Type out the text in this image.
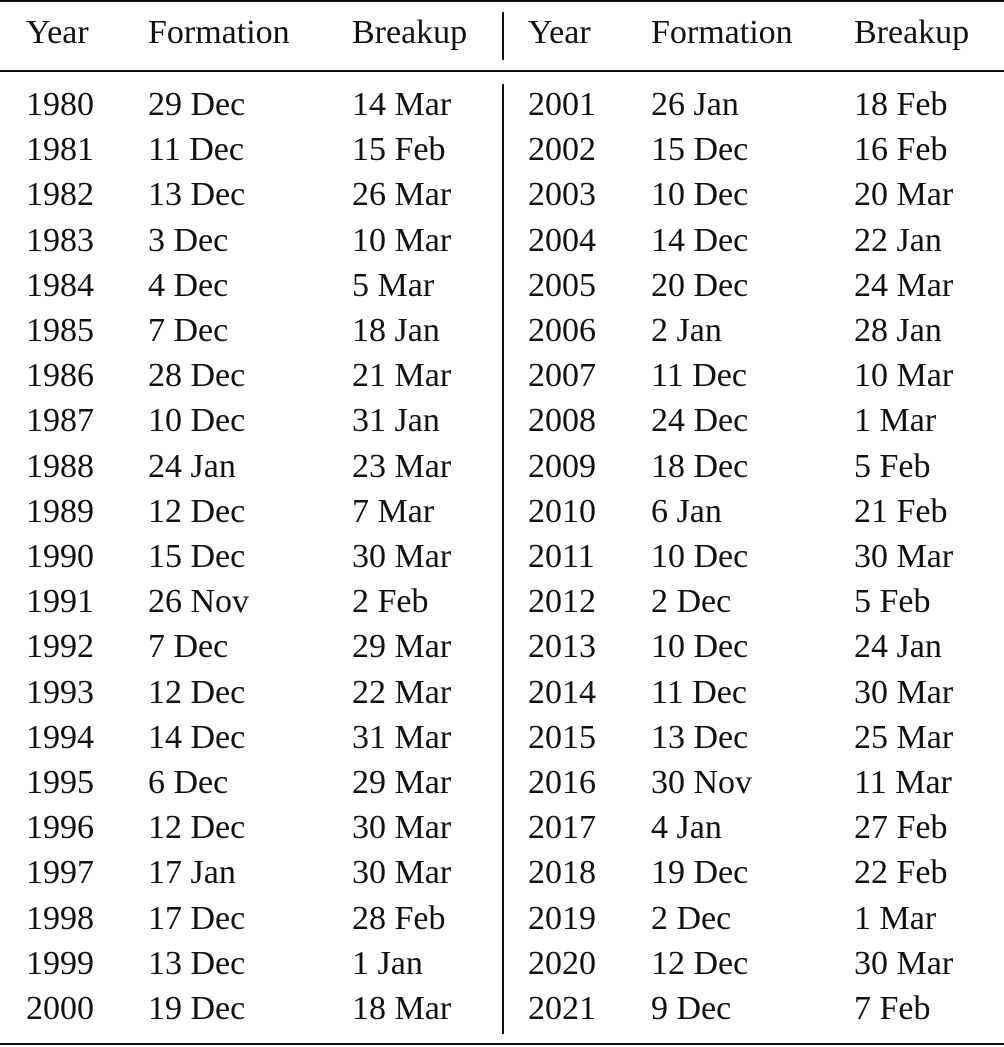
Year Formation Breakup Year Formation Breakup
1980 29 Dec	14 Mar 2001 26 Jan	18 Feb
1981 11 Dec	15 Feb 2002 15 Dec	16 Feb
1982 13 Dec	26 Mar 2003 10 Dec	20 Mar
1983 3 Dec	10 Mar 2004 14 Dec	22 Jan
1984 4 Dec	5 Mar	2005 20 Dec	24 Mar
1985 7 Dec	18 Jan	2006 2 Jan	28 Jan
1986 28 Dec	21 Mar 2007 11 Dec	10 Mar
1987 10 Dec	31 Jan	2008 24 Dec	1 Mar
1988 24 Jan	23 Mar 2009 18 Dec	5 Feb
1989 12 Dec	7 Mar	2010 6 Jan	21 Feb
1990 15 Dec	30 Mar 2011 10 Dec	30 Mar
1991 26 Nov	2 Feb	2012 2 Dec	5 Feb
1992 7 Dec	29 Mar 2013 10 Dec	24 Jan
1993 12 Dec	22 Mar 2014 11 Dec	30 Mar
1994 14 Dec	31 Mar 2015 13 Dec	25 Mar
1995 6 Dec	29 Mar 2016 30 Nov	11 Mar
1996 12 Dec	30 Mar 2017 4 Jan	27 Feb
1997 17 Jan	30 Mar 2018 19 Dec	22 Feb
1998 17 Dec	28 Feb 2019 2 Dec	1 Mar
1999 13 Dec	1 Jan	2020 12 Dec	30 Mar
2000 19 Dec	18 Mar 2021 9 Dec	7 Feb
